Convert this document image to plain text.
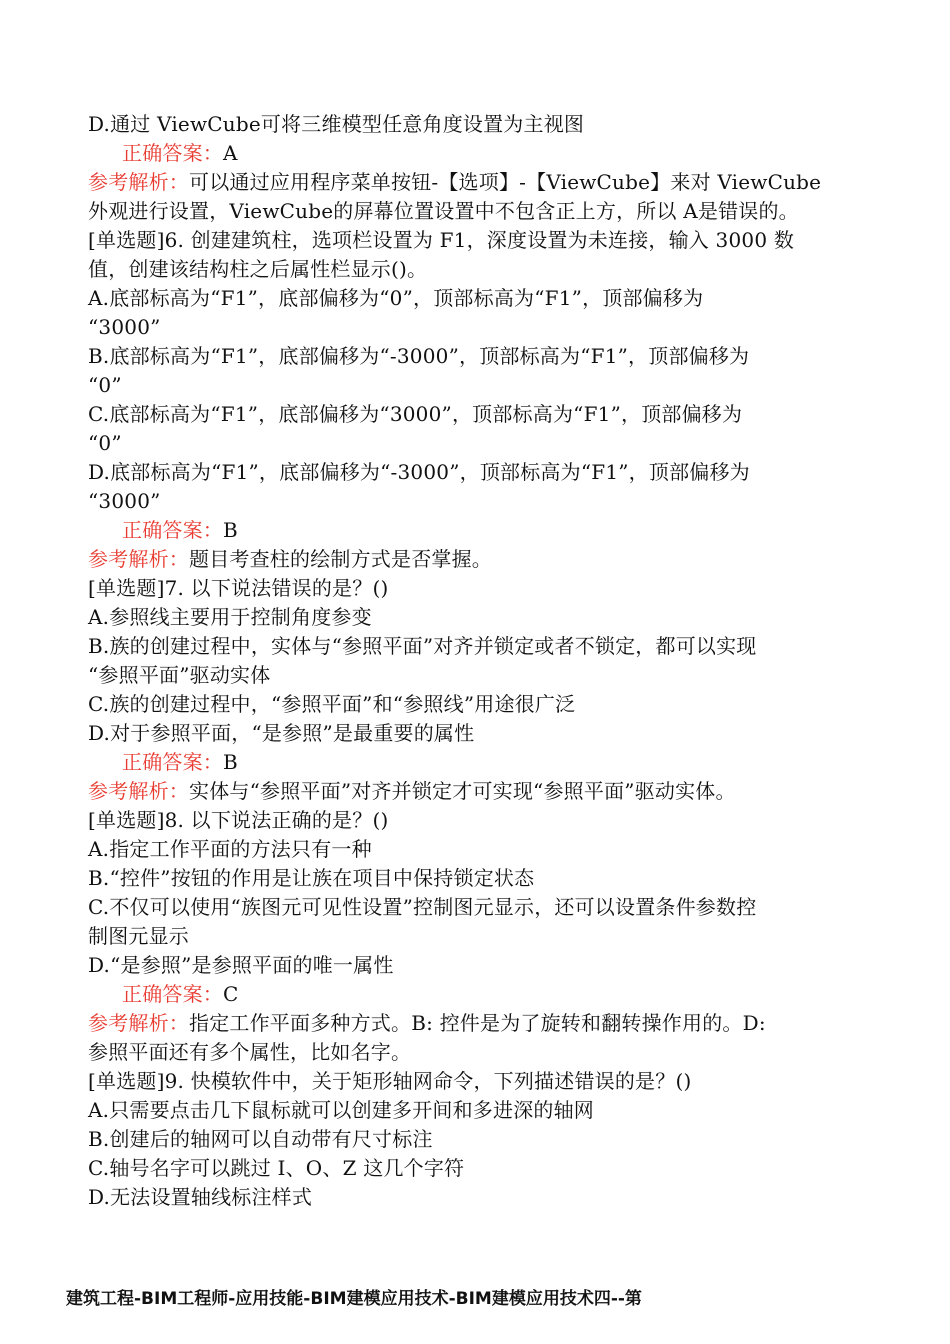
D.通过 ViewCube可将三维模型任意角度设置为主视图
正确答案：A
参考解析：可以通过应用程序菜单按钮-【选项】-【ViewCube】来对 ViewCube
外观进行设置，ViewCube的屏幕位置设置中不包含正上方，所以 A是错误的。
[单选题]6. 创建建筑柱，选项栏设置为 F1，深度设置为未连接，输入 3000 数
值，创建该结构柱之后属性栏显示()。
A.底部标高为“F1”，底部偏移为“0”，顶部标高为“F1”，顶部偏移为
“3000”
B.底部标高为“F1”，底部偏移为“-3000”，顶部标高为“F1”，顶部偏移为
“0”
C.底部标高为“F1”，底部偏移为“3000”，顶部标高为“F1”，顶部偏移为
“0”
D.底部标高为“F1”，底部偏移为“-3000”，顶部标高为“F1”，顶部偏移为
“3000”
正确答案：B
参考解析：题目考查柱的绘制方式是否掌握。
[单选题]7. 以下说法错误的是？()
A.参照线主要用于控制角度参变
B.族的创建过程中，实体与“参照平面”对齐并锁定或者不锁定，都可以实现
“参照平面”驱动实体
C.族的创建过程中，“参照平面”和“参照线”用途很广泛
D.对于参照平面，“是参照”是最重要的属性
正确答案：B
参考解析：实体与“参照平面”对齐并锁定才可实现“参照平面”驱动实体。
[单选题]8. 以下说法正确的是？()
A.指定工作平面的方法只有一种
B.“控件”按钮的作用是让族在项目中保持锁定状态
C.不仅可以使用“族图元可见性设置”控制图元显示，还可以设置条件参数控
制图元显示
D.“是参照”是参照平面的唯一属性
正确答案：C
参考解析：指定工作平面多种方式。B: 控件是为了旋转和翻转操作用的。D:
参照平面还有多个属性，比如名字。
[单选题]9. 快模软件中，关于矩形轴网命令，下列描述错误的是？()
A.只需要点击几下鼠标就可以创建多开间和多进深的轴网
B.创建后的轴网可以自动带有尺寸标注
C.轴号名字可以跳过 I、O、Z 这几个字符
D.无法设置轴线标注样式
建筑工程-BIM工程师-应用技能-BIM建模应用技术-BIM建模应用技术四--第
